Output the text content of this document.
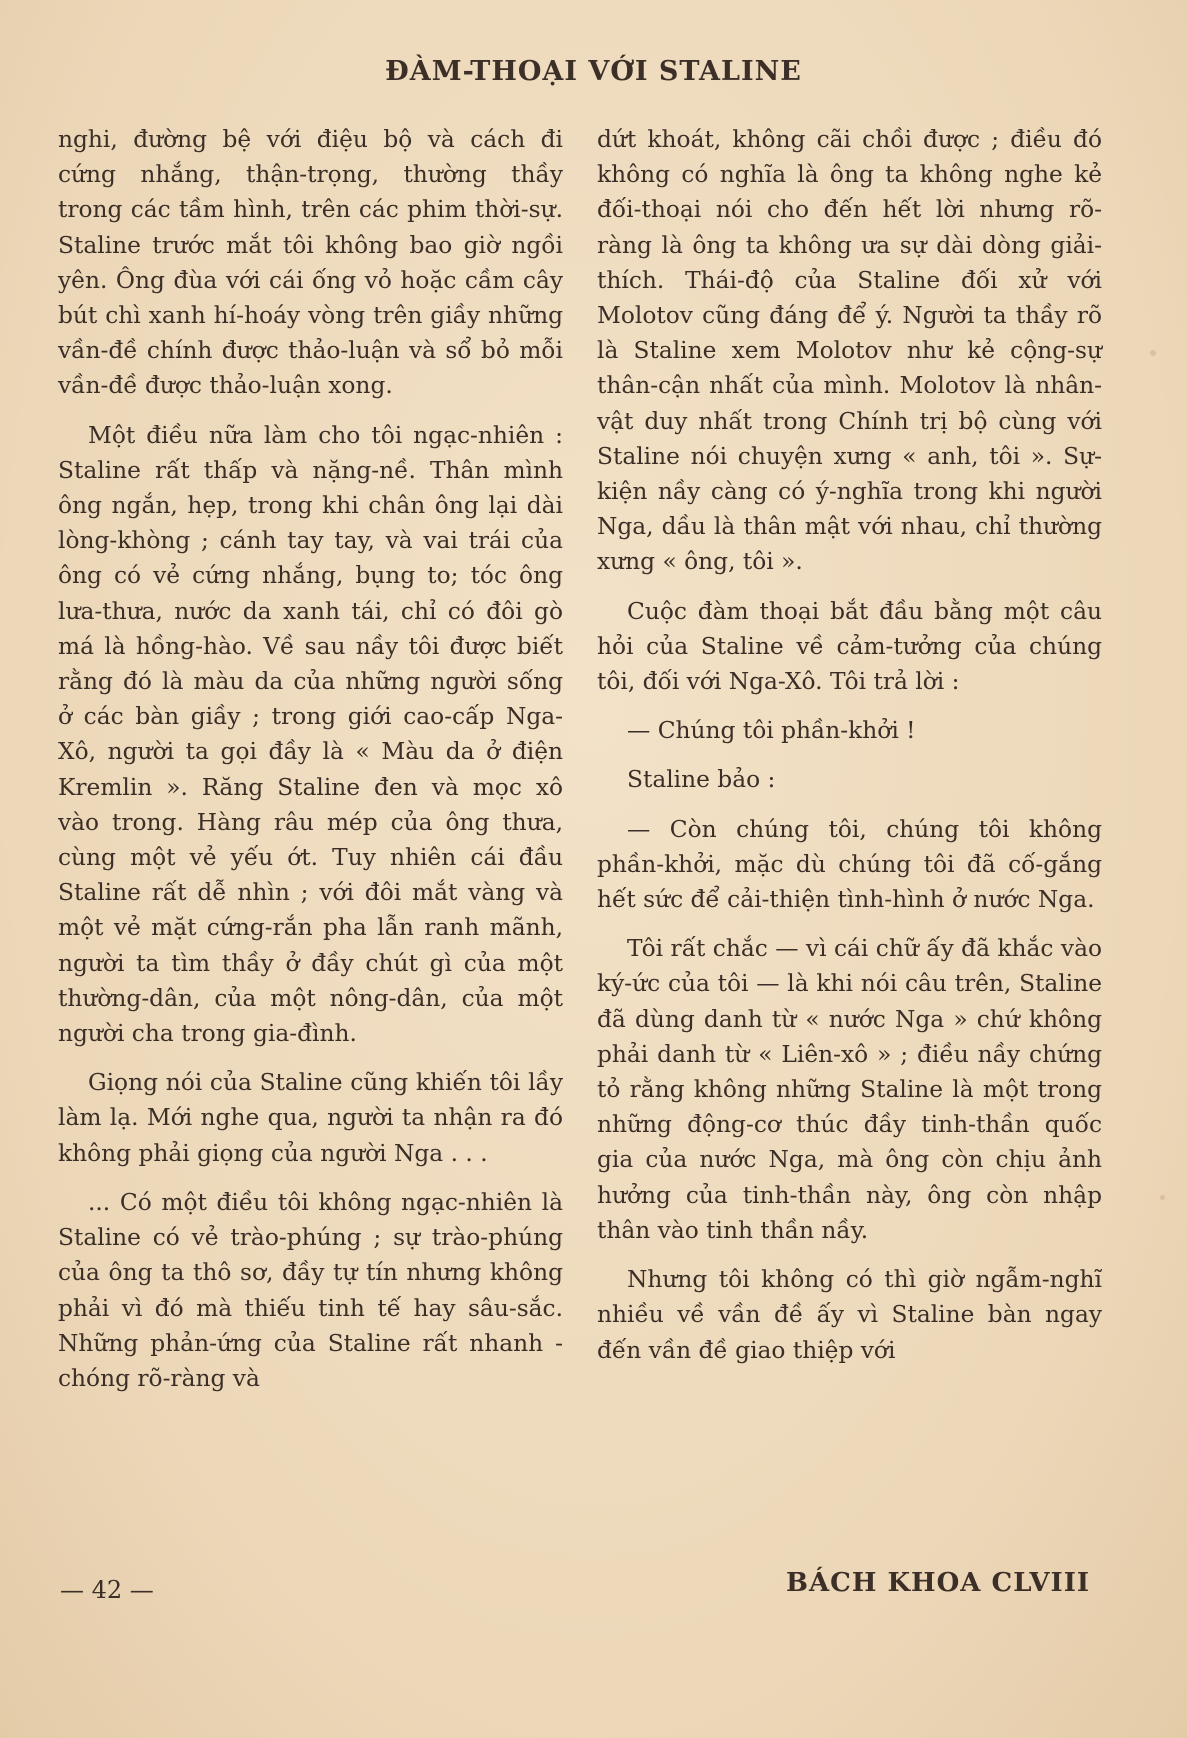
ĐÀM-THOẠI VỚI STALINE

nghi, đường bệ với điệu bộ và cách đi cứng nhắng, thận-trọng, thường thầy trong các tầm hình, trên các phim thời-sự. Staline trước mắt tôi không bao giờ ngồi yên. Ông đùa với cái ống vỏ hoặc cầm cây bút chì xanh hí-hoáy vòng trên giầy những vần-đề chính được thảo-luận và sổ bỏ mỗi vần-đề được thảo-luận xong.

Một điều nữa làm cho tôi ngạc-nhiên : Staline rất thấp và nặng-nề. Thân mình ông ngắn, hẹp, trong khi chân ông lại dài lòng-khòng ; cánh tay tay, và vai trái của ông có vẻ cứng nhắng, bụng to; tóc ông lưa-thưa, nước da xanh tái, chỉ có đôi gò má là hồng-hào. Về sau nầy tôi được biết rằng đó là màu da của những người sống ở các bàn giầy ; trong giới cao-cấp Nga-Xô, người ta gọi đầy là « Màu da ở điện Kremlin ». Răng Staline đen và mọc xô vào trong. Hàng râu mép của ông thưa, cùng một vẻ yếu ớt. Tuy nhiên cái đầu Staline rất dễ nhìn ; với đôi mắt vàng và một vẻ mặt cứng-rắn pha lẫn ranh mãnh, người ta tìm thầy ở đầy chút gì của một thường-dân, của một nông-dân, của một người cha trong gia-đình.

Giọng nói của Staline cũng khiến tôi lầy làm lạ. Mới nghe qua, người ta nhận ra đó không phải giọng của người Nga . . .

... Có một điều tôi không ngạc-nhiên là Staline có vẻ trào-phúng ; sự trào-phúng của ông ta thô sơ, đầy tự tín nhưng không phải vì đó mà thiếu tinh tế hay sâu-sắc. Những phản-ứng của Staline rất nhanh - chóng rõ-ràng và

dứt khoát, không cãi chồi được ; điều đó không có nghĩa là ông ta không nghe kẻ đối-thoại nói cho đến hết lời nhưng rõ-ràng là ông ta không ưa sự dài dòng giải-thích. Thái-độ của Staline đối xử với Molotov cũng đáng để ý. Người ta thầy rõ là Staline xem Molotov như kẻ cộng-sự thân-cận nhất của mình. Molotov là nhân-vật duy nhất trong Chính trị bộ cùng với Staline nói chuyện xưng « anh, tôi ». Sự-kiện nầy càng có ý-nghĩa trong khi người Nga, dầu là thân mật với nhau, chỉ thường xưng « ông, tôi ».

Cuộc đàm thoại bắt đầu bằng một câu hỏi của Staline về cảm-tưởng của chúng tôi, đối với Nga-Xô. Tôi trả lời :

— Chúng tôi phần-khởi !

Staline bảo :

— Còn chúng tôi, chúng tôi không phần-khởi, mặc dù chúng tôi đã cố-gắng hết sức để cải-thiện tình-hình ở nước Nga.

Tôi rất chắc — vì cái chữ ấy đã khắc vào ký-ức của tôi — là khi nói câu trên, Staline đã dùng danh từ « nước Nga » chứ không phải danh từ « Liên-xô » ; điều nầy chứng tỏ rằng không những Staline là một trong những động-cơ thúc đầy tinh-thần quốc gia của nước Nga, mà ông còn chịu ảnh hưởng của tinh-thần này, ông còn nhập thân vào tinh thần nầy.

Nhưng tôi không có thì giờ ngẫm-nghĩ nhiều về vần đề ấy vì Staline bàn ngay đến vần đề giao thiệp với

— 42 —	BÁCH KHOA CLVIII
